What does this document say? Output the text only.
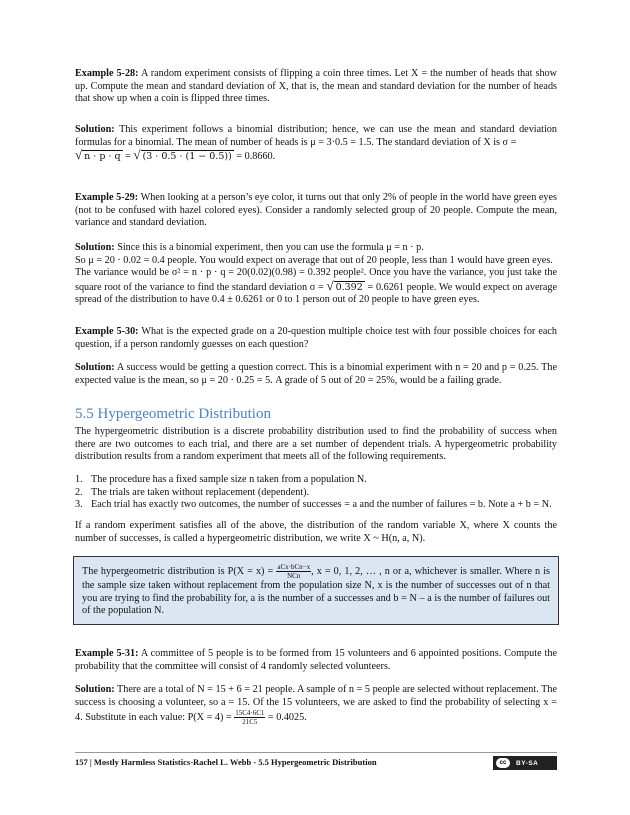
Example 5-28: A random experiment consists of flipping a coin three times. Let X = the number of heads that show up. Compute the mean and standard deviation of X, that is, the mean and standard deviation for the number of heads that show up when a coin is flipped three times.

Solution: This experiment follows a binomial distribution; hence, we can use the mean and standard deviation formulas for a binomial. The mean of number of heads is μ = 3·0.5 = 1.5. The standard deviation of X is σ =
√ n · p · q = √ (3 · 0.5 · (1 − 0.5)) = 0.8660.

Example 5-29: When looking at a person’s eye color, it turns out that only 2% of people in the world have green eyes (not to be confused with hazel colored eyes). Consider a randomly selected group of 20 people. Compute the mean, variance and standard deviation.

Solution: Since this is a binomial experiment, then you can use the formula μ = n · p.
So μ = 20 · 0.02 = 0.4 people. You would expect on average that out of 20 people, less than 1 would have green eyes.
The variance would be σ² = n · p · q = 20(0.02)(0.98) = 0.392 people². Once you have the variance, you just take the square root of the variance to find the standard deviation σ = √ 0.392 = 0.6261 people. We would expect on average spread of the distribution to have 0.4 ± 0.6261 or 0 to 1 person out of 20 people to have green eyes.

Example 5-30: What is the expected grade on a 20-question multiple choice test with four possible choices for each question, if a person randomly guesses on each question?

Solution: A success would be getting a question correct. This is a binomial experiment with n = 20 and p = 0.25. The expected value is the mean, so μ = 20 · 0.25 = 5. A grade of 5 out of 20 = 25%, would be a failing grade.

5.5 Hypergeometric Distribution

The hypergeometric distribution is a discrete probability distribution used to find the probability of success when there are two outcomes to each trial, and there are a set number of dependent trials. A hypergeometric probability distribution results from a random experiment that meets all of the following requirements.

1. The procedure has a fixed sample size n taken from a population N.
2. The trials are taken without replacement (dependent).
3. Each trial has exactly two outcomes, the number of successes = a and the number of failures = b. Note a + b = N.

If a random experiment satisfies all of the above, the distribution of the random variable X, where X counts the number of successes, is called a hypergeometric distribution, we write X ~ H(n, a, N).

The hypergeometric distribution is $P(X = x) = \frac{\text{aCx·bCn−x}}{\text{NCn}}$ , x = 0, 1, 2, … , n or a, whichever is smaller. Where n is the sample size taken without replacement from the population size N, x is the number of successes out of n that you are trying to find the probability for, a is the number of a successes and b = N – a is the number of failures out of the population N.

Example 5-31: A committee of 5 people is to be formed from 15 volunteers and 6 appointed positions. Compute the probability that the committee will consist of 4 randomly selected volunteers.

Solution: There are a total of N = 15 + 6 = 21 people. A sample of n = 5 people are selected without replacement. The success is choosing a volunteer, so a = 15. Of the 15 volunteers, we are asked to find the probability of selecting x = 4. Substitute in each value: $P(X = 4) = \frac{15C4\cdot 6C1}{21C5} = 0.4025$.

157 | Mostly Harmless Statistics-Rachel L. Webb - 5.5 Hypergeometric Distribution	cc	BY-SA
